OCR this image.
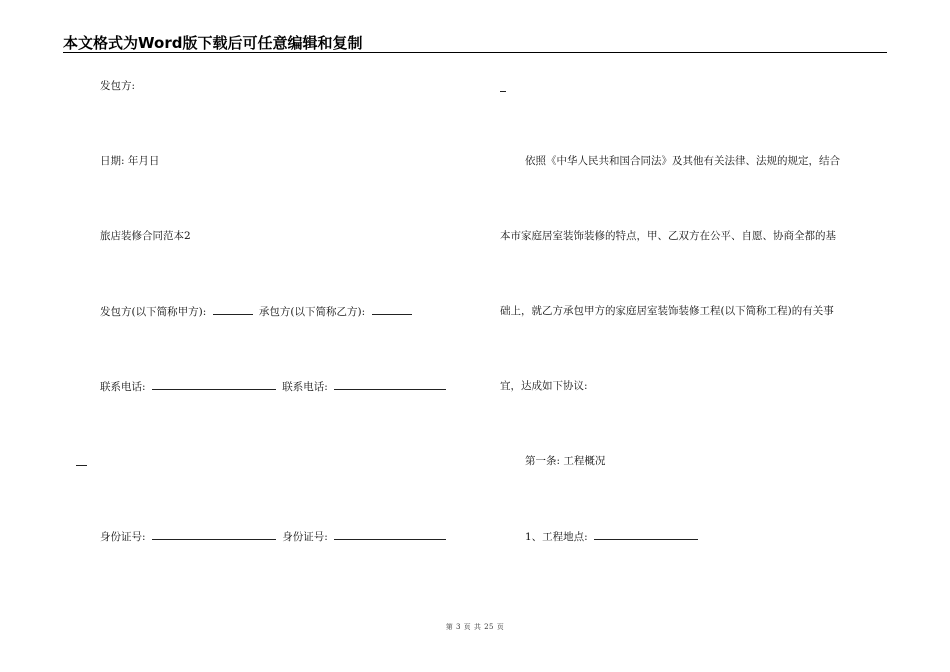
本文格式为Word版下载后可任意编辑和复制
发包方:
日期: 年月日
旅店装修合同范本2
发包方(以下简称甲方):	承包方(以下简称乙方):
联系电话:	联系电话:
身份证号:	身份证号:
依照《中华人民共和国合同法》及其他有关法律、法规的规定，结合
本市家庭居室装饰装修的特点，甲、乙双方在公平、自愿、协商全都的基
础上，就乙方承包甲方的家庭居室装饰装修工程(以下简称工程)的有关事
宜，达成如下协议:
第一条: 工程概况
1、工程地点:
第 3 页 共 25 页
